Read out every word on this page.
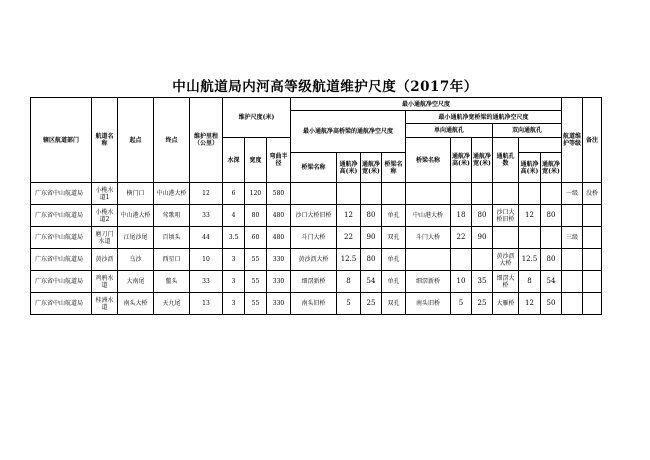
中山航道局内河高等级航道维护尺度（2017年）
辖区航道部门	航道名称	起点	终点	维护里程（公里）	维护尺度(米)			最小通航净空尺度										航道维护等级	备注
								最小通航净高桥梁的通航净空尺度				最小通航净宽桥梁的通航净空尺度							
												单向通航孔			双向通航孔				
					水深	宽度	弯曲半径					桥梁名称	通航净高(米)	通航净宽(米)	通航孔数				
								桥梁名称	通航净高(米)	通航净宽(米)	桥梁名称					通航净高(米)	通航净宽(米)		
广东省中山航道局	小榄水道1	横门口	中山港大桥	12	6	120	580											一级	没桥
广东省中山航道局	小榄水道2	中山港大桥	莺歌咀	33	4	80	480	沙口大桥旧桥	12	80	单孔	中山港大桥	18	80	沙口大桥旧桥	12	80		
广东省中山航道局	磨刀门水道	江尾沙尾	百顷头	44	3.5	60	480	斗门大桥	22	90	双孔	斗门大桥	22	90				三级	
广东省中山航道局	黄沙沥	乌沙	西星口	10	3	55	330	黄沙沥大桥	12.5	80	单孔				黄沙沥大桥	12.5	80		
广东省中山航道局	鸡鸦水道	大南尾	鳌头	33	3	55	330	细滘新桥	8	54	单孔	细滘新桥	10	35	细滘大桥	8	54		
广东省中山航道局	桂洲水道	南头大桥	天九尾	13	3	55	330	南头旧桥	5	25	双孔	南头旧桥	5	25	大雁桥	12	50		
